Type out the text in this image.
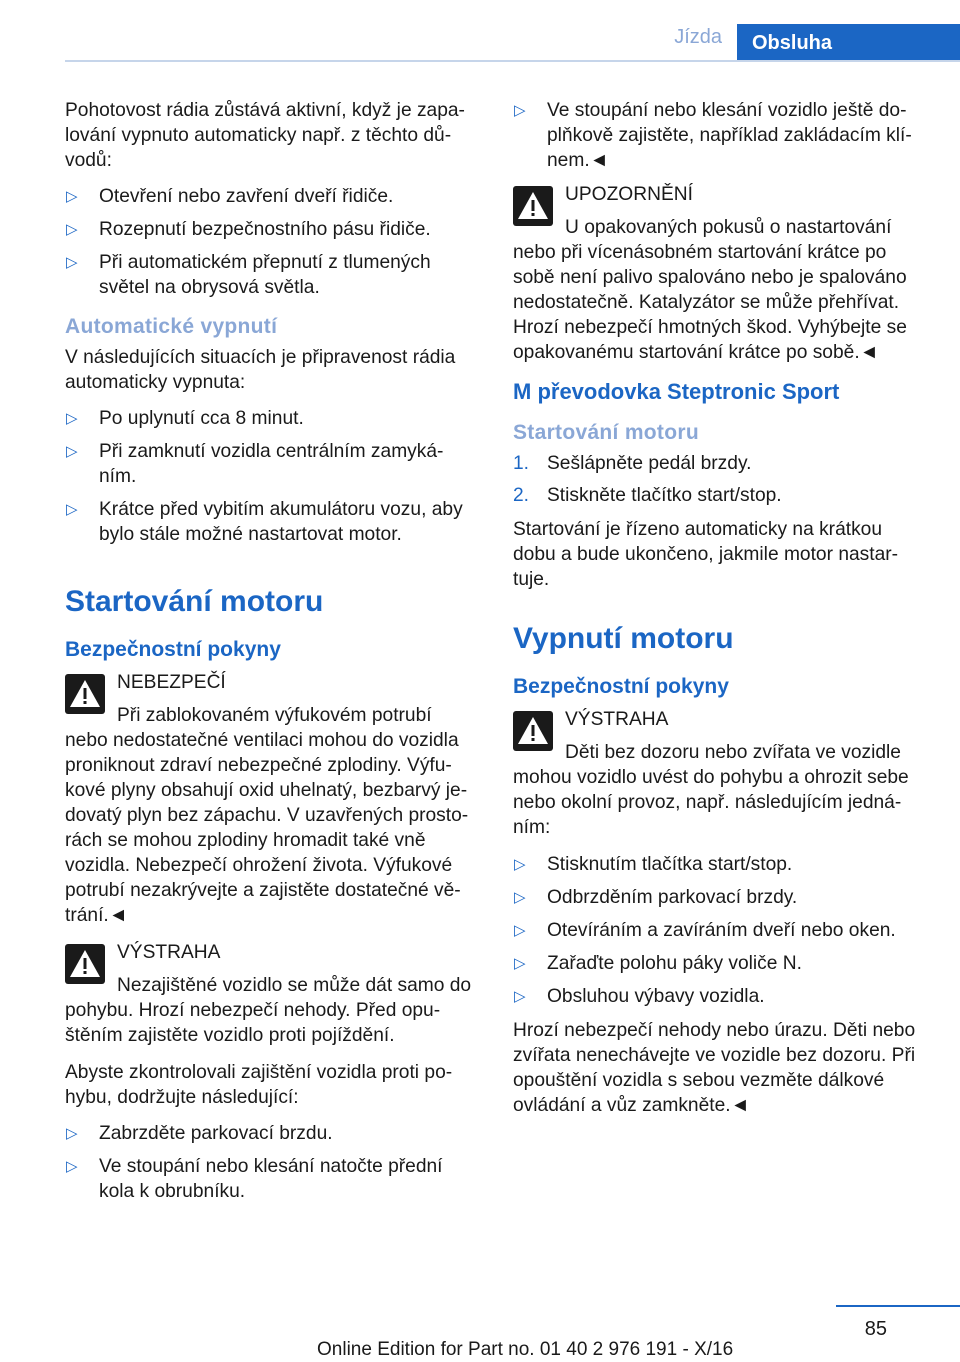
Jízda	Obsluha

Pohotovost rádia zůstává aktivní, když je zapa-lování vypnuto automaticky např. z těchto dů-vodů:

▷ Otevření nebo zavření dveří řidiče.
▷ Rozepnutí bezpečnostního pásu řidiče.
▷ Při automatickém přepnutí z tlumených světel na obrysová světla.
Automatické vypnutí

V následujících situacích je připravenost rádia automaticky vypnuta:

▷ Po uplynutí cca 8 minut.
▷ Při zamknutí vozidla centrálním zamyká-ním.
▷ Krátce před vybitím akumulátoru vozu, aby bylo stále možné nastartovat motor.
Startování motoru
Bezpečnostní pokyny
NEBEZPEČÍ
Při zablokovaném výfukovém potrubí nebo nedostatečné ventilaci mohou do vozidla proniknout zdraví nebezpečné zplodiny. Výfu-kové plyny obsahují oxid uhelnatý, bezbarvý je-dovatý plyn bez zápachu. V uzavřených prosto-rách se mohou zplodiny hromadit také vně vozidla. Nebezpečí ohrožení života. Výfukové potrubí nezakrývejte a zajistěte dostatečné vě-trání.◄
VÝSTRAHA
Nezajištěné vozidlo se může dát samo do pohybu. Hrozí nebezpečí nehody. Před opu-štěním zajistěte vozidlo proti pojíždění.

Abyste zkontrolovali zajištění vozidla proti po-hybu, dodržujte následující:

▷ Zabrzděte parkovací brzdu.
▷ Ve stoupání nebo klesání natočte přední kola k obrubníku.
▷ Ve stoupání nebo klesání vozidlo ještě do-plňkově zajistěte, například zakládacím klí-nem.◄
UPOZORNĚNÍ
U opakovaných pokusů o nastartování nebo při vícenásobném startování krátce po sobě není palivo spalováno nebo je spalováno nedostatečně. Katalyzátor se může přehřívat. Hrozí nebezpečí hmotných škod. Vyhýbejte se opakovanému startování krátce po sobě.◄
M převodovka Steptronic Sport
Startování motoru
1. Sešlápněte pedál brzdy.
2. Stiskněte tlačítko start/stop.

Startování je řízeno automaticky na krátkou dobu a bude ukončeno, jakmile motor nastar-tuje.

Vypnutí motoru
Bezpečnostní pokyny
VÝSTRAHA
Děti bez dozoru nebo zvířata ve vozidle mohou vozidlo uvést do pohybu a ohrozit sebe nebo okolní provoz, např. následujícím jedná-ním:
▷ Stisknutím tlačítka start/stop.
▷ Odbrzděním parkovací brzdy.
▷ Otevíráním a zavíráním dveří nebo oken.
▷ Zařaďte polohu páky voliče N.
▷ Obsluhou výbavy vozidla.

Hrozí nebezpečí nehody nebo úrazu. Děti nebo zvířata nenechávejte ve vozidle bez dozoru. Při opouštění vozidla s sebou vezměte dálkové ovládání a vůz zamkněte.◄

85
Online Edition for Part no. 01 40 2 976 191 - X/16
